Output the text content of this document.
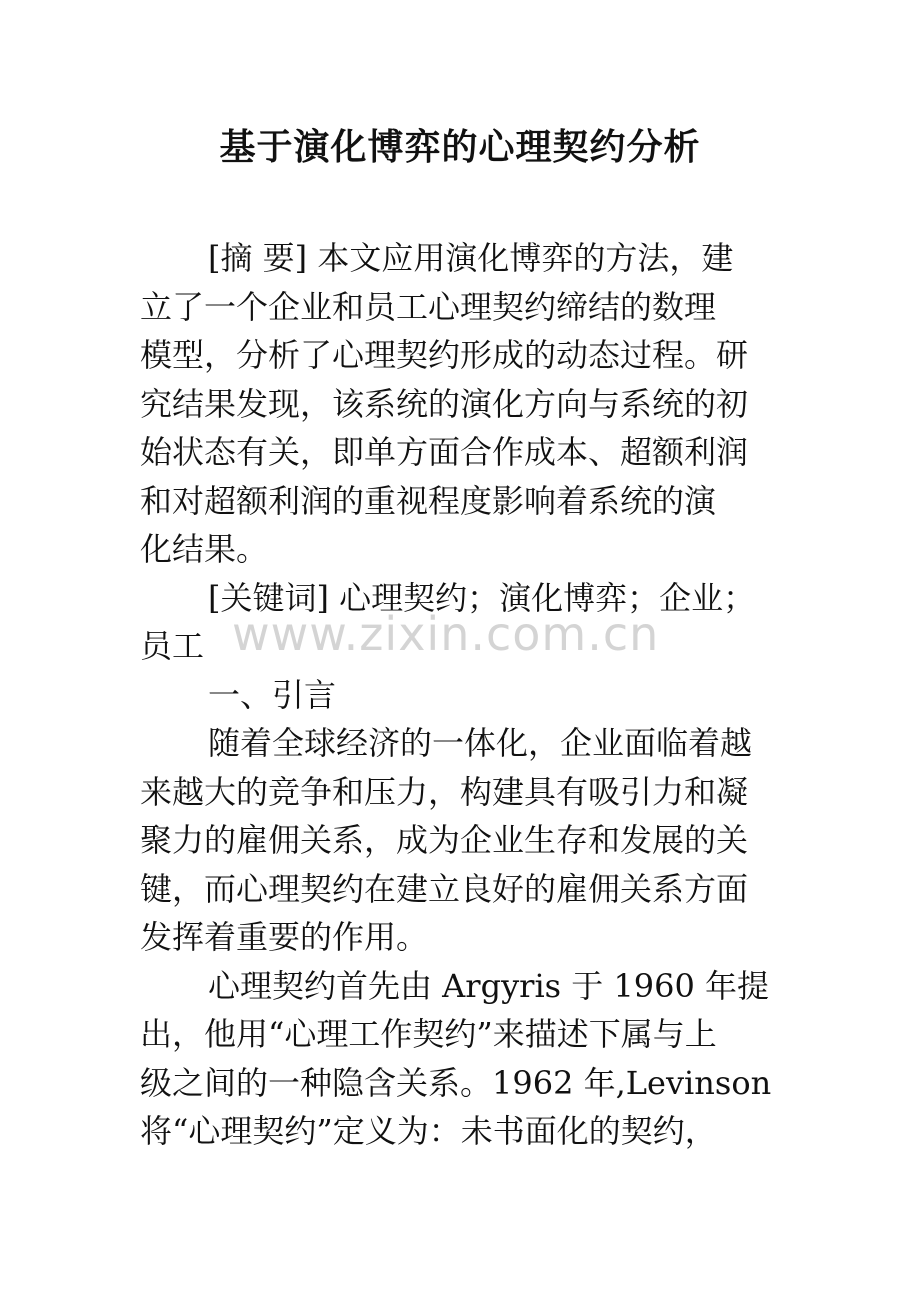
基于演化博弈的心理契约分析
[摘 要] 本文应用演化博弈的方法，建
立了一个企业和员工心理契约缔结的数理
模型，分析了心理契约形成的动态过程。研
究结果发现，该系统的演化方向与系统的初
始状态有关，即单方面合作成本、超额利润
和对超额利润的重视程度影响着系统的演
化结果。
[关键词] 心理契约；演化博弈；企业；
员工
一、引言
随着全球经济的一体化，企业面临着越
来越大的竞争和压力，构建具有吸引力和凝
聚力的雇佣关系，成为企业生存和发展的关
键，而心理契约在建立良好的雇佣关系方面
发挥着重要的作用。
心理契约首先由 Argyris 于 1960 年提
出，他用“心理工作契约”来描述下属与上
级之间的一种隐含关系。1962 年,Levinson
将“心理契约”定义为：未书面化的契约，
www.zixin.com.cn
